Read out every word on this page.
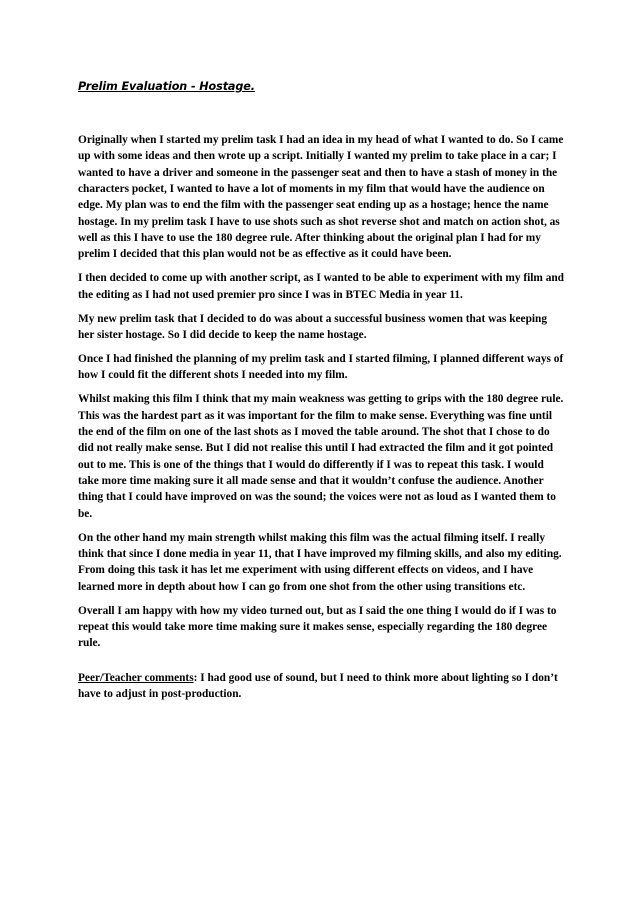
Prelim Evaluation - Hostage.

Originally when I started my prelim task I had an idea in my head of what I wanted to do. So I came up with some ideas and then wrote up a script. Initially I wanted my prelim to take place in a car; I wanted to have a driver and someone in the passenger seat and then to have a stash of money in the characters pocket, I wanted to have a lot of moments in my film that would have the audience on edge. My plan was to end the film with the passenger seat ending up as a hostage; hence the name hostage. In my prelim task I have to use shots such as shot reverse shot and match on action shot, as well as this I have to use the 180 degree rule. After thinking about the original plan I had for my prelim I decided that this plan would not be as effective as it could have been.

I then decided to come up with another script, as I wanted to be able to experiment with my film and the editing as I had not used premier pro since I was in BTEC Media in year 11.

My new prelim task that I decided to do was about a successful business women that was keeping her sister hostage. So I did decide to keep the name hostage.

Once I had finished the planning of my prelim task and I started filming, I planned different ways of how I could fit the different shots I needed into my film.

Whilst making this film I think that my main weakness was getting to grips with the 180 degree rule. This was the hardest part as it was important for the film to make sense. Everything was fine until the end of the film on one of the last shots as I moved the table around. The shot that I chose to do did not really make sense. But I did not realise this until I had extracted the film and it got pointed out to me. This is one of the things that I would do differently if I was to repeat this task. I would take more time making sure it all made sense and that it wouldn’t confuse the audience. Another thing that I could have improved on was the sound; the voices were not as loud as I wanted them to be.

On the other hand my main strength whilst making this film was the actual filming itself. I really think that since I done media in year 11, that I have improved my filming skills, and also my editing. From doing this task it has let me experiment with using different effects on videos, and I have learned more in depth about how I can go from one shot from the other using transitions etc.

Overall I am happy with how my video turned out, but as I said the one thing I would do if I was to repeat this would take more time making sure it makes sense, especially regarding the 180 degree rule.

Peer/Teacher comments: I had good use of sound, but I need to think more about lighting so I don’t have to adjust in post-production.
